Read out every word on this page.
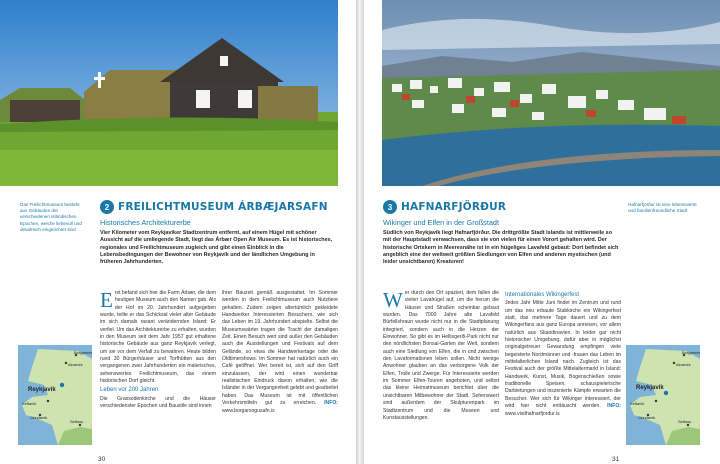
Das Freilichtmuseum besteht aus Gebäuden der verschiedenen isländischen Epochen, welche liebevoll und detailreich eingerichtet sind
2 FREILICHTMUSEUM ÁRBÆJARSAFN
Historisches Architekturerbe
Vier Kilometer vom Reykjavíker Stadtzentrum entfernt, auf einem Hügel mit schöner Aussicht auf die umliegende Stadt, liegt das Árbær Open Air Museum. Es ist historisches, regionales und Freilichtmuseum zugleich und gibt einen Einblick in die Lebensbedingungen der Bewohner von Reykjavík und der ländlichen Umgebung in früheren Jahrhunderten.
Erst befand sich hier die Farm Árbær, die dem heutigen Museum auch den Namen gab. Als der Hof im 20. Jahrhundert aufgegeben wurde, teilte er das Schicksal vieler alter Gebäude im sich damals rasant verändernden Island: Er verfiel. Um das Architekturerbe zu erhalten, wurden in den Museum seit dem Jahr 1957 gut erhaltene historische Gebäude aus ganz Reykjavík verlegt, um sie vor dem Verfall zu bewahren. Heute bilden rund 30 Bürgerhäuser und Torfhütten aus den vergangenen zwei Jahrhunderten ein malerisches, sehenswertes Freilichtmuseum, das einem historischen Dorf gleicht.
Leben vor 200 Jahren
Die Grassodenkirche und die Häuser verschiedenster Epochen und Baustile sind innen
ihrer Bauzeit gemäß ausgestattet. Im Sommer werden in dem Freilichtmuseum auch Nutztiere gehalten. Zudem zeigen altertümlich gekleidete Handwerker Interessierten Besuchern, wie sich das Leben im 19. Jahrhundert abspielte. Selbst die Museumswärter tragen die Tracht der damaligen Zeit. Einen Besuch wert sind außer den Gebäuden auch die Ausstellungen und Festivals auf dem Gelände, so etwa die Handwerkertage oder die Oldtimershows. Im Sommer hat natürlich auch ein Café geöffnet. Wer bereit ist, sich auf den Griff einzulassen, der wird einen wunderbar realistischen Eindruck davon erhalten, wie die Isländer in der Vergangenheit gelebt und gearbeitet haben. Das Museum ist mit öffentlichen Verkehrsmitteln gut zu erreichen. INFO: www.borgarsogusafn.is
Akranes
Borgarnes
Reykjavík
Grindavík
Keflavík
Selfoss
30
Hafnarfjörður ist eine lebenswerte und familienfreundliche Stadt
3 HAFNARFJÖRÐUR
Wikinger und Elfen in der Großstadt
Südlich von Reykjavík liegt Hafnarfjörður. Die drittgrößte Stadt Islands ist mittlerweile so mit der Hauptstadt verwachsen, dass sie von vielen für einen Vorort gehalten wird. Der historische Ortskern in Meeresnähe ist in ein hügeliges Lavafeld gebaut: Dort befindet sich angeblich eine der weltweit größten Siedlungen von Elfen und anderen mystischen (und leider unsichtbaren) Kreaturen!
Wer durch den Ort spaziert, dem fallen die vielen Lavahügel auf, um die herum die Häuser und Straßen scheinbar gebaut wurden. Das 7000 Jahre alte Lavafeld Búrfellshraun wurde nicht nur in die Stadtplanung integriert, sondern auch in die Herzen der Einwohner. So gibt es im Hellisgerði-Park nicht nur den nördlichsten Bonsai-Garten der Welt, sondern auch eine Siedlung von Elfen, die in und zwischen den Lavaformationen leben sollen. Nicht wenige Anwohner glauben an das verborgene Volk der Elfen, Trolle und Zwerge. Für Interessierte werden im Sommer Elfen-Touren angeboten, und selbst das kleine Heimatmuseum berichtet über die unsichtbaren Mitbewohner der Stadt. Sehenswert sind außerdem der Skulpturenpark im Stadtzentrum und die Museen und Kunstausstellungen.
Internationales Wikingerfest
Jedes Jahr Mitte Juni findet im Zentrum und rund um das neu erbaute Stabkirche ein Wikingerfest statt, das mehrere Tage dauert und zu dem Wikingerfans aus ganz Europa anreisen, vor allem natürlich aus Skandinavien. In leider gar nicht historischer Umgebung, dafür aber in möglichst originalgetreuer Gewandung empfingen viele begeisterte Nordmänner und -frauen das Leben im mittelalterlichen Island nach. Zugleich ist das Festival auch der größte Mittelaltermarkt in Island: Handwerk, Kunst, Musik, Bogenschießen sowie traditionelle Speisen, schauspielerische Darbietungen und inszenierte Kämpfe erwarten die Besucher. Wer sich für Wikinger interessiert, der wird hier nicht enttäuscht werden. INFO: www.visithafnarfjordur.is
Akranes
Borgarnes
Reykjavík
Grindavík
Keflavík
Selfoss
31
